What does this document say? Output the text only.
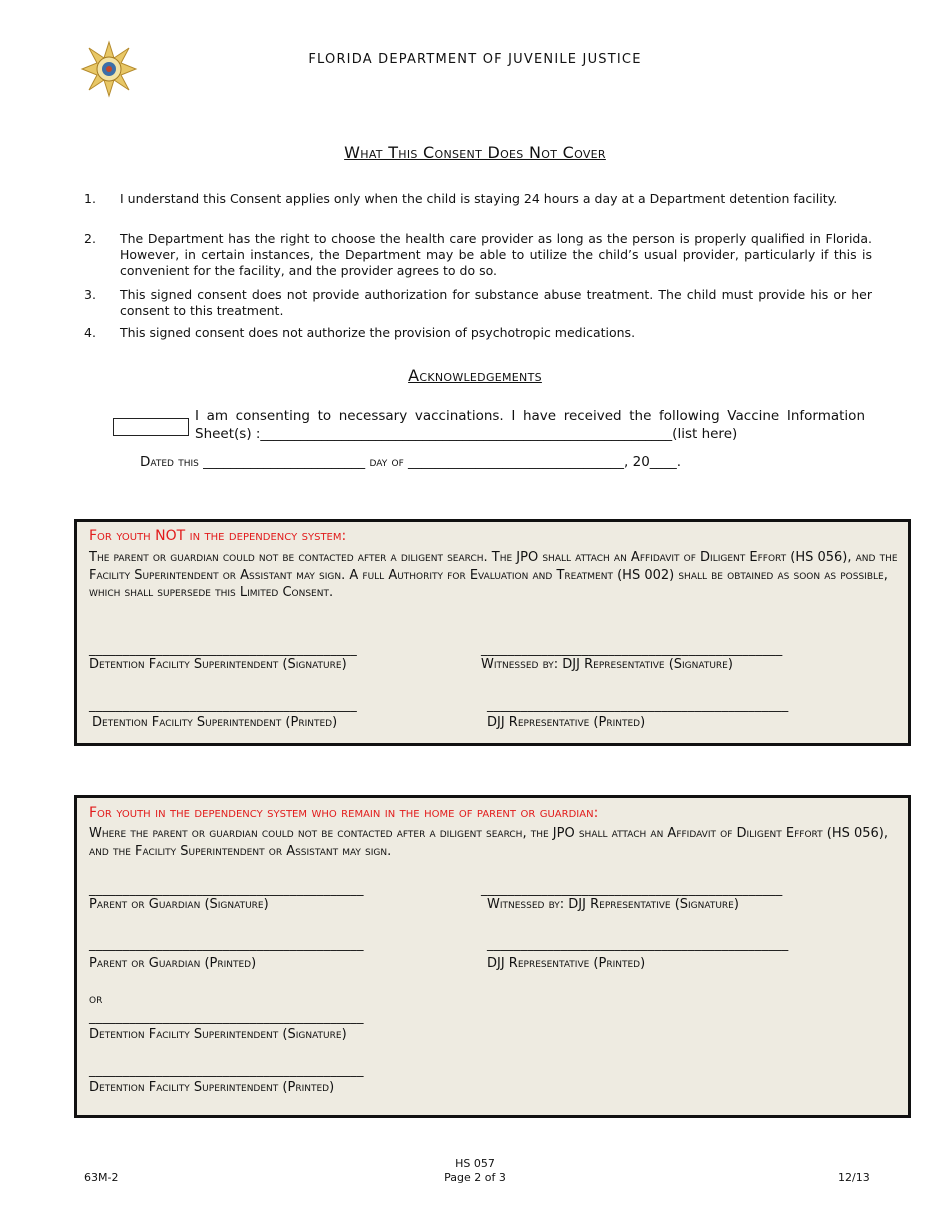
FLORIDA DEPARTMENT OF JUVENILE JUSTICE
What This Consent Does Not Cover
1. I understand this Consent applies only when the child is staying 24 hours a day at a Department detention facility.
2. The Department has the right to choose the health care provider as long as the person is properly qualified in Florida. However, in certain instances, the Department may be able to utilize the child’s usual provider, particularly if this is convenient for the facility, and the provider agrees to do so.
3. This signed consent does not provide authorization for substance abuse treatment. The child must provide his or her consent to this treatment.
4. This signed consent does not authorize the provision of psychotropic medications.
Acknowledgements
I am consenting to necessary vaccinations. I have received the following Vaccine Information
Sheet(s) :_____________________________________________________________(list here)
Dated this ________________________ day of ________________________________, 20____.
For youth NOT in the dependency system:
The parent or guardian could not be contacted after a diligent search. The JPO shall attach an Affidavit of Diligent Effort (HS 056), and the Facility Superintendent or Assistant may sign. A full Authority for Evaluation and Treatment (HS 002) shall be obtained as soon as possible, which shall supersede this Limited Consent.
________________________________________	_____________________________________________
Detention Facility Superintendent (Signature)	Witnessed by: DJJ Representative (Signature)
________________________________________	_____________________________________________
Detention Facility Superintendent (Printed)	DJJ Representative (Printed)
For youth in the dependency system who remain in the home of parent or guardian:
Where the parent or guardian could not be contacted after a diligent search, the JPO shall attach an Affidavit of Diligent Effort (HS 056), and the Facility Superintendent or Assistant may sign.
_________________________________________	_____________________________________________
Parent or Guardian (Signature)	Witnessed by: DJJ Representative (Signature)
_________________________________________	_____________________________________________
Parent or Guardian (Printed)	DJJ Representative (Printed)
or
_________________________________________
Detention Facility Superintendent (Signature)
_________________________________________
Detention Facility Superintendent (Printed)
63M-2
HS 057
Page 2 of 3	12/13
